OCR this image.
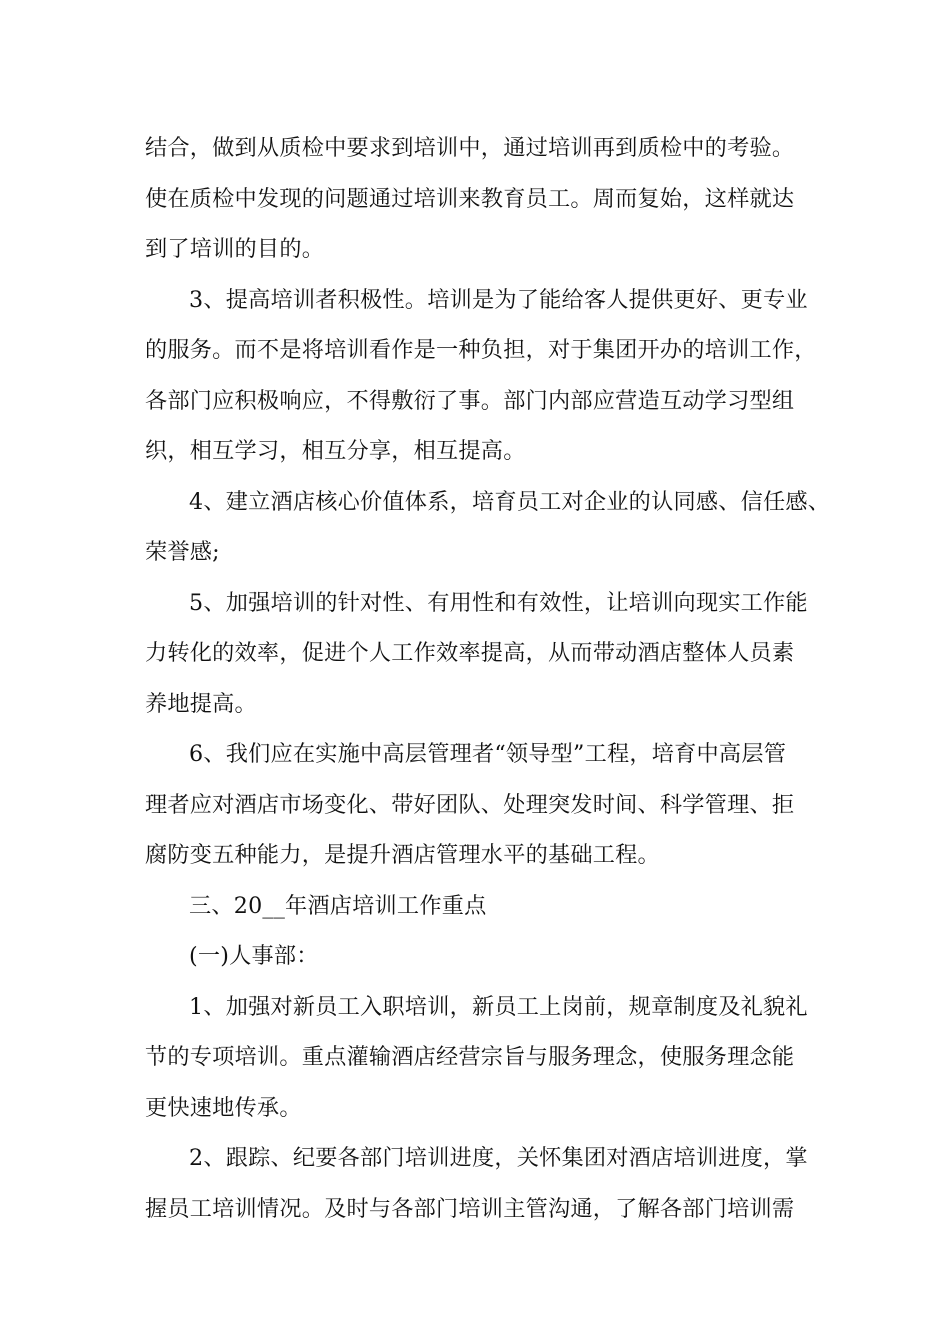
结合，做到从质检中要求到培训中，通过培训再到质检中的考验。
使在质检中发现的问题通过培训来教育员工。周而复始，这样就达
到了培训的目的。
3、提高培训者积极性。培训是为了能给客人提供更好、更专业
的服务。而不是将培训看作是一种负担，对于集团开办的培训工作，
各部门应积极响应，不得敷衍了事。部门内部应营造互动学习型组
织，相互学习，相互分享，相互提高。
4、建立酒店核心价值体系，培育员工对企业的认同感、信任感、
荣誉感;
5、加强培训的针对性、有用性和有效性，让培训向现实工作能
力转化的效率，促进个人工作效率提高，从而带动酒店整体人员素
养地提高。
6、我们应在实施中高层管理者“领导型”工程，培育中高层管
理者应对酒店市场变化、带好团队、处理突发时间、科学管理、拒
腐防变五种能力，是提升酒店管理水平的基础工程。
三、20__年酒店培训工作重点
(一)人事部：
1、加强对新员工入职培训，新员工上岗前，规章制度及礼貌礼
节的专项培训。重点灌输酒店经营宗旨与服务理念，使服务理念能
更快速地传承。
2、跟踪、纪要各部门培训进度，关怀集团对酒店培训进度，掌
握员工培训情况。及时与各部门培训主管沟通，了解各部门培训需
